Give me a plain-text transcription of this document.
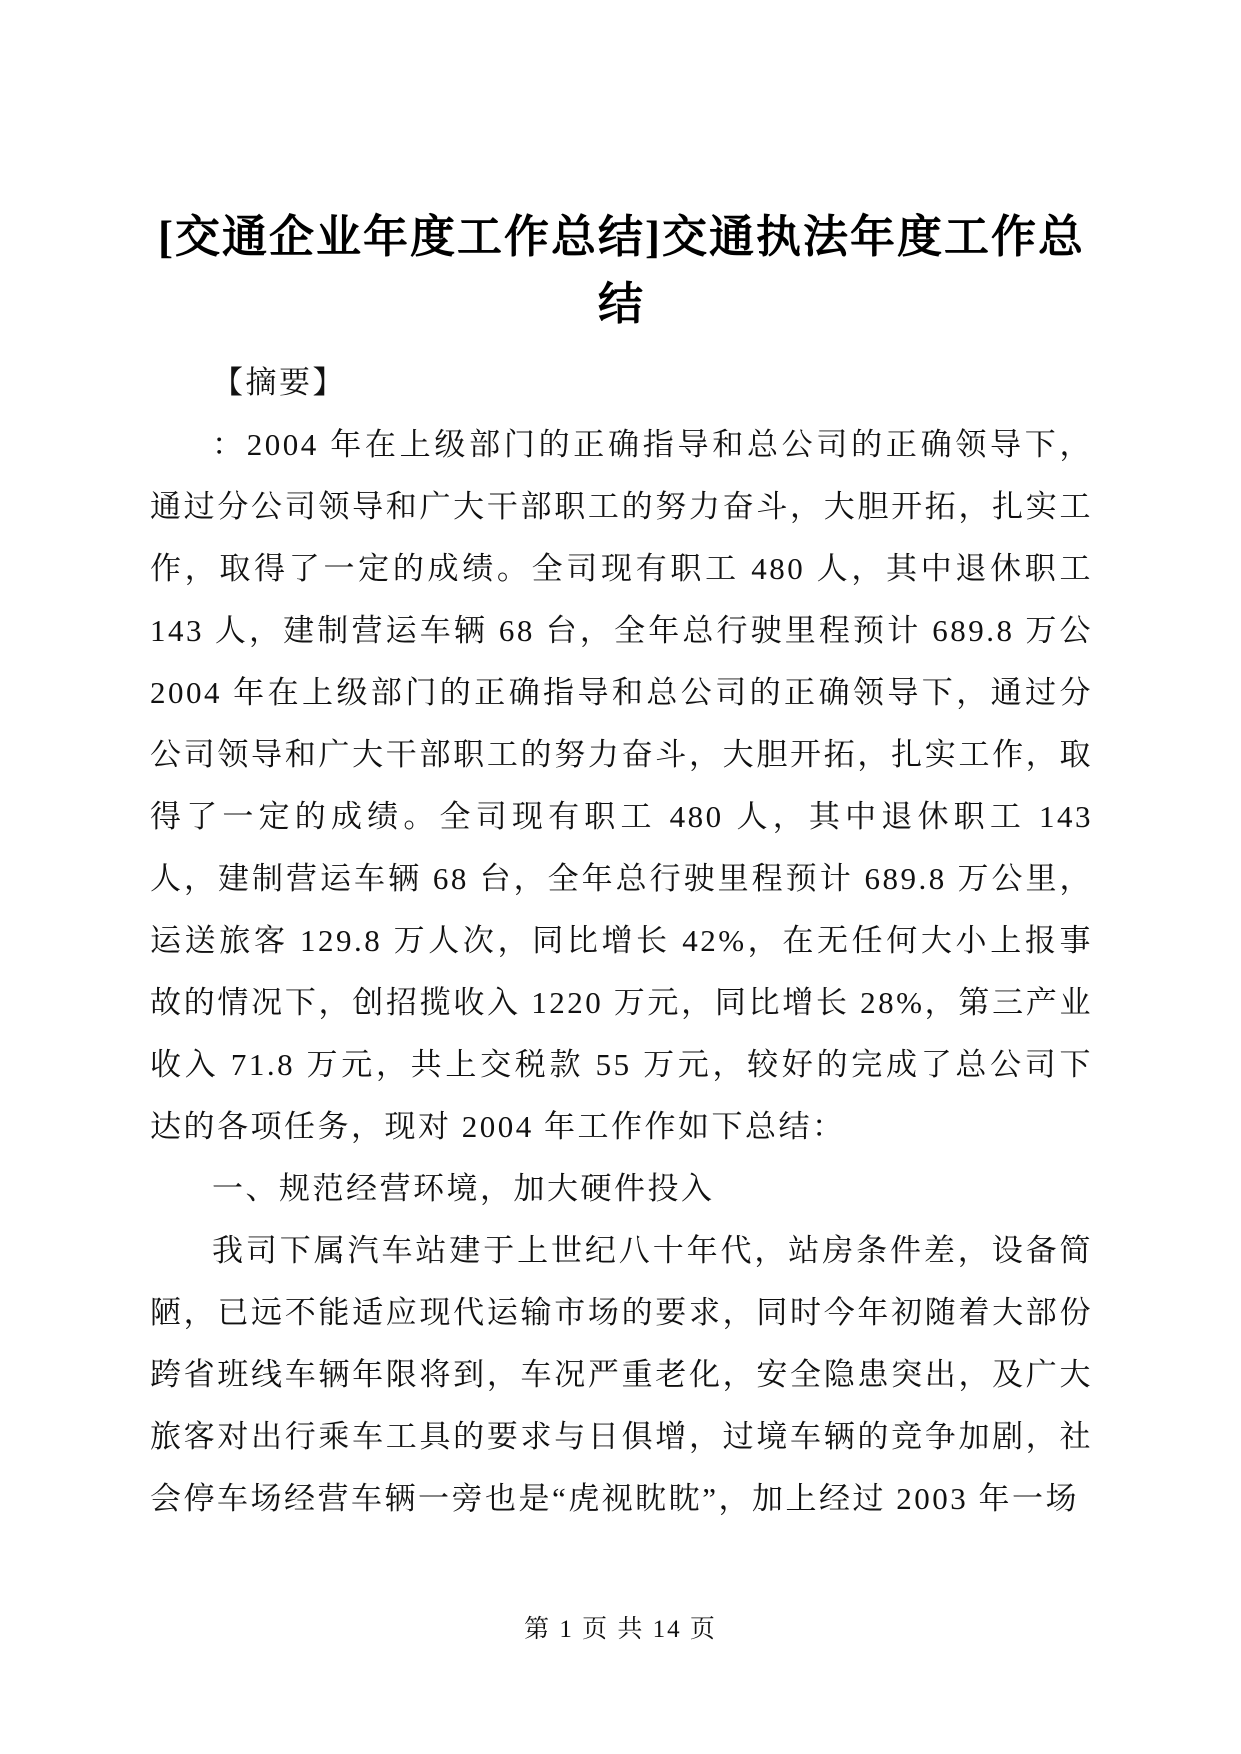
[交通企业年度工作总结]交通执法年度工作总结

【摘要】

：2004 年在上级部门的正确指导和总公司的正确领导下，通过分公司领导和广大干部职工的努力奋斗，大胆开拓，扎实工作，取得了一定的成绩。全司现有职工 480 人，其中退休职工 143 人，建制营运车辆 68 台，全年总行驶里程预计 689.8 万公 2004 年在上级部门的正确指导和总公司的正确领导下，通过分公司领导和广大干部职工的努力奋斗，大胆开拓，扎实工作，取得了一定的成绩。全司现有职工 480 人，其中退休职工 143 人，建制营运车辆 68 台，全年总行驶里程预计 689.8 万公里，运送旅客 129.8 万人次，同比增长 42%，在无任何大小上报事故的情况下，创招揽收入 1220 万元，同比增长 28%，第三产业收入 71.8 万元，共上交税款 55 万元，较好的完成了总公司下达的各项任务，现对 2004 年工作作如下总结：

一、规范经营环境，加大硬件投入

我司下属汽车站建于上世纪八十年代，站房条件差，设备简陋，已远不能适应现代运输市场的要求，同时今年初随着大部份跨省班线车辆年限将到，车况严重老化，安全隐患突出，及广大旅客对出行乘车工具的要求与日俱增，过境车辆的竞争加剧，社会停车场经营车辆一旁也是“虎视眈眈”，加上经过 2003 年一场

第 1 页 共 14 页
